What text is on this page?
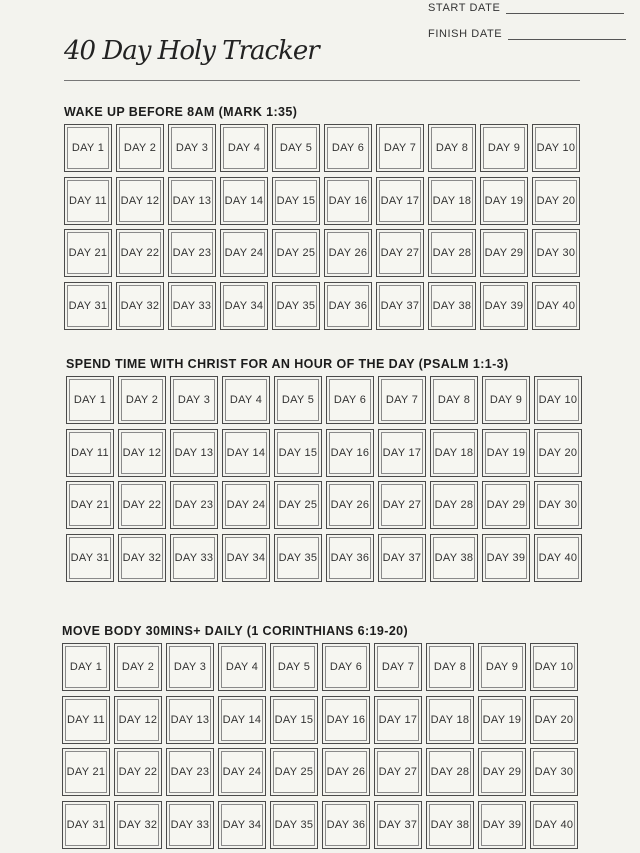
START DATE
FINISH DATE
40 Day Holy Tracker
WAKE UP BEFORE 8AM (MARK 1:35)
DAY 1	DAY 2	DAY 3	DAY 4	DAY 5	DAY 6	DAY 7	DAY 8	DAY 9	DAY 10
DAY 11	DAY 12	DAY 13	DAY 14	DAY 15	DAY 16	DAY 17	DAY 18	DAY 19	DAY 20
DAY 21	DAY 22	DAY 23	DAY 24	DAY 25	DAY 26	DAY 27	DAY 28	DAY 29	DAY 30
DAY 31	DAY 32	DAY 33	DAY 34	DAY 35	DAY 36	DAY 37	DAY 38	DAY 39	DAY 40
SPEND TIME WITH CHRIST FOR AN HOUR OF THE DAY (PSALM 1:1-3)
DAY 1	DAY 2	DAY 3	DAY 4	DAY 5	DAY 6	DAY 7	DAY 8	DAY 9	DAY 10
DAY 11	DAY 12	DAY 13	DAY 14	DAY 15	DAY 16	DAY 17	DAY 18	DAY 19	DAY 20
DAY 21	DAY 22	DAY 23	DAY 24	DAY 25	DAY 26	DAY 27	DAY 28	DAY 29	DAY 30
DAY 31	DAY 32	DAY 33	DAY 34	DAY 35	DAY 36	DAY 37	DAY 38	DAY 39	DAY 40
MOVE BODY 30MINS+ DAILY (1 CORINTHIANS 6:19-20)
DAY 1	DAY 2	DAY 3	DAY 4	DAY 5	DAY 6	DAY 7	DAY 8	DAY 9	DAY 10
DAY 11	DAY 12	DAY 13	DAY 14	DAY 15	DAY 16	DAY 17	DAY 18	DAY 19	DAY 20
DAY 21	DAY 22	DAY 23	DAY 24	DAY 25	DAY 26	DAY 27	DAY 28	DAY 29	DAY 30
DAY 31	DAY 32	DAY 33	DAY 34	DAY 35	DAY 36	DAY 37	DAY 38	DAY 39	DAY 40
